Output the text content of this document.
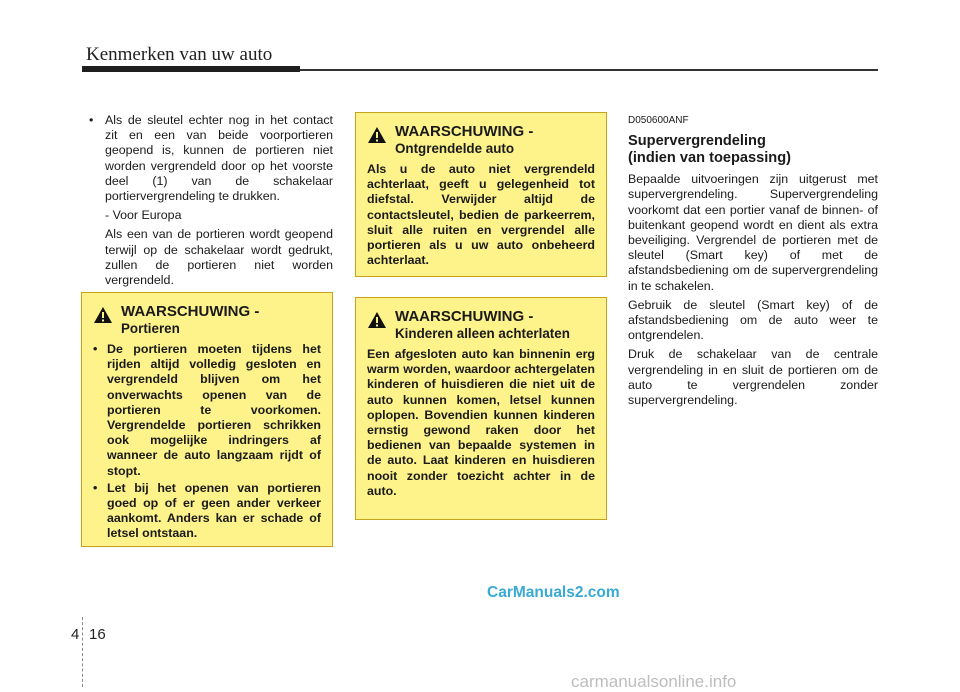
Kenmerken van uw auto
• Als de sleutel echter nog in het contact zit en een van beide voorportieren geopend is, kunnen de portieren niet worden vergrendeld door op het voorste deel (1) van de schakelaar portiervergrendeling te drukken.

- Voor Europa

Als een van de portieren wordt geopend terwijl op de schakelaar wordt gedrukt, zullen de portieren niet worden vergrendeld.

WAARSCHUWING -
Portieren
• De portieren moeten tijdens het rijden altijd volledig gesloten en vergrendeld blijven om het onverwachts openen van de portieren te voorkomen. Vergrendelde portieren schrikken ook mogelijke indringers af wanneer de auto langzaam rijdt of stopt.
• Let bij het openen van portieren goed op of er geen ander verkeer aankomt. Anders kan er schade of letsel ontstaan.
WAARSCHUWING -
Ontgrendelde auto

Als u de auto niet vergrendeld achterlaat, geeft u gelegenheid tot diefstal. Verwijder altijd de contactsleutel, bedien de parkeerrem, sluit alle ruiten en vergrendel alle portieren als u uw auto onbeheerd achterlaat.

WAARSCHUWING -
Kinderen alleen achterlaten

Een afgesloten auto kan binnenin erg warm worden, waardoor achtergelaten kinderen of huisdieren die niet uit de auto kunnen komen, letsel kunnen oplopen. Bovendien kunnen kinderen ernstig gewond raken door het bedienen van bepaalde systemen in de auto. Laat kinderen en huisdieren nooit zonder toezicht achter in de auto.

D050600ANF
Supervergrendeling
(indien van toepassing)

Bepaalde uitvoeringen zijn uitgerust met supervergrendeling. Supervergrendeling voorkomt dat een portier vanaf de binnen- of buitenkant geopend wordt en dient als extra beveiliging. Vergrendel de portieren met de sleutel (Smart key) of met de afstandsbediening om de supervergrendeling in te schakelen.

Gebruik de sleutel (Smart key) of de afstandsbediening om de auto weer te ontgrendelen.

Druk de schakelaar van de centrale vergrendeling in en sluit de portieren om de auto te vergrendelen zonder supervergrendeling.

CarManuals2.com
4 16
carmanualsonline.info
